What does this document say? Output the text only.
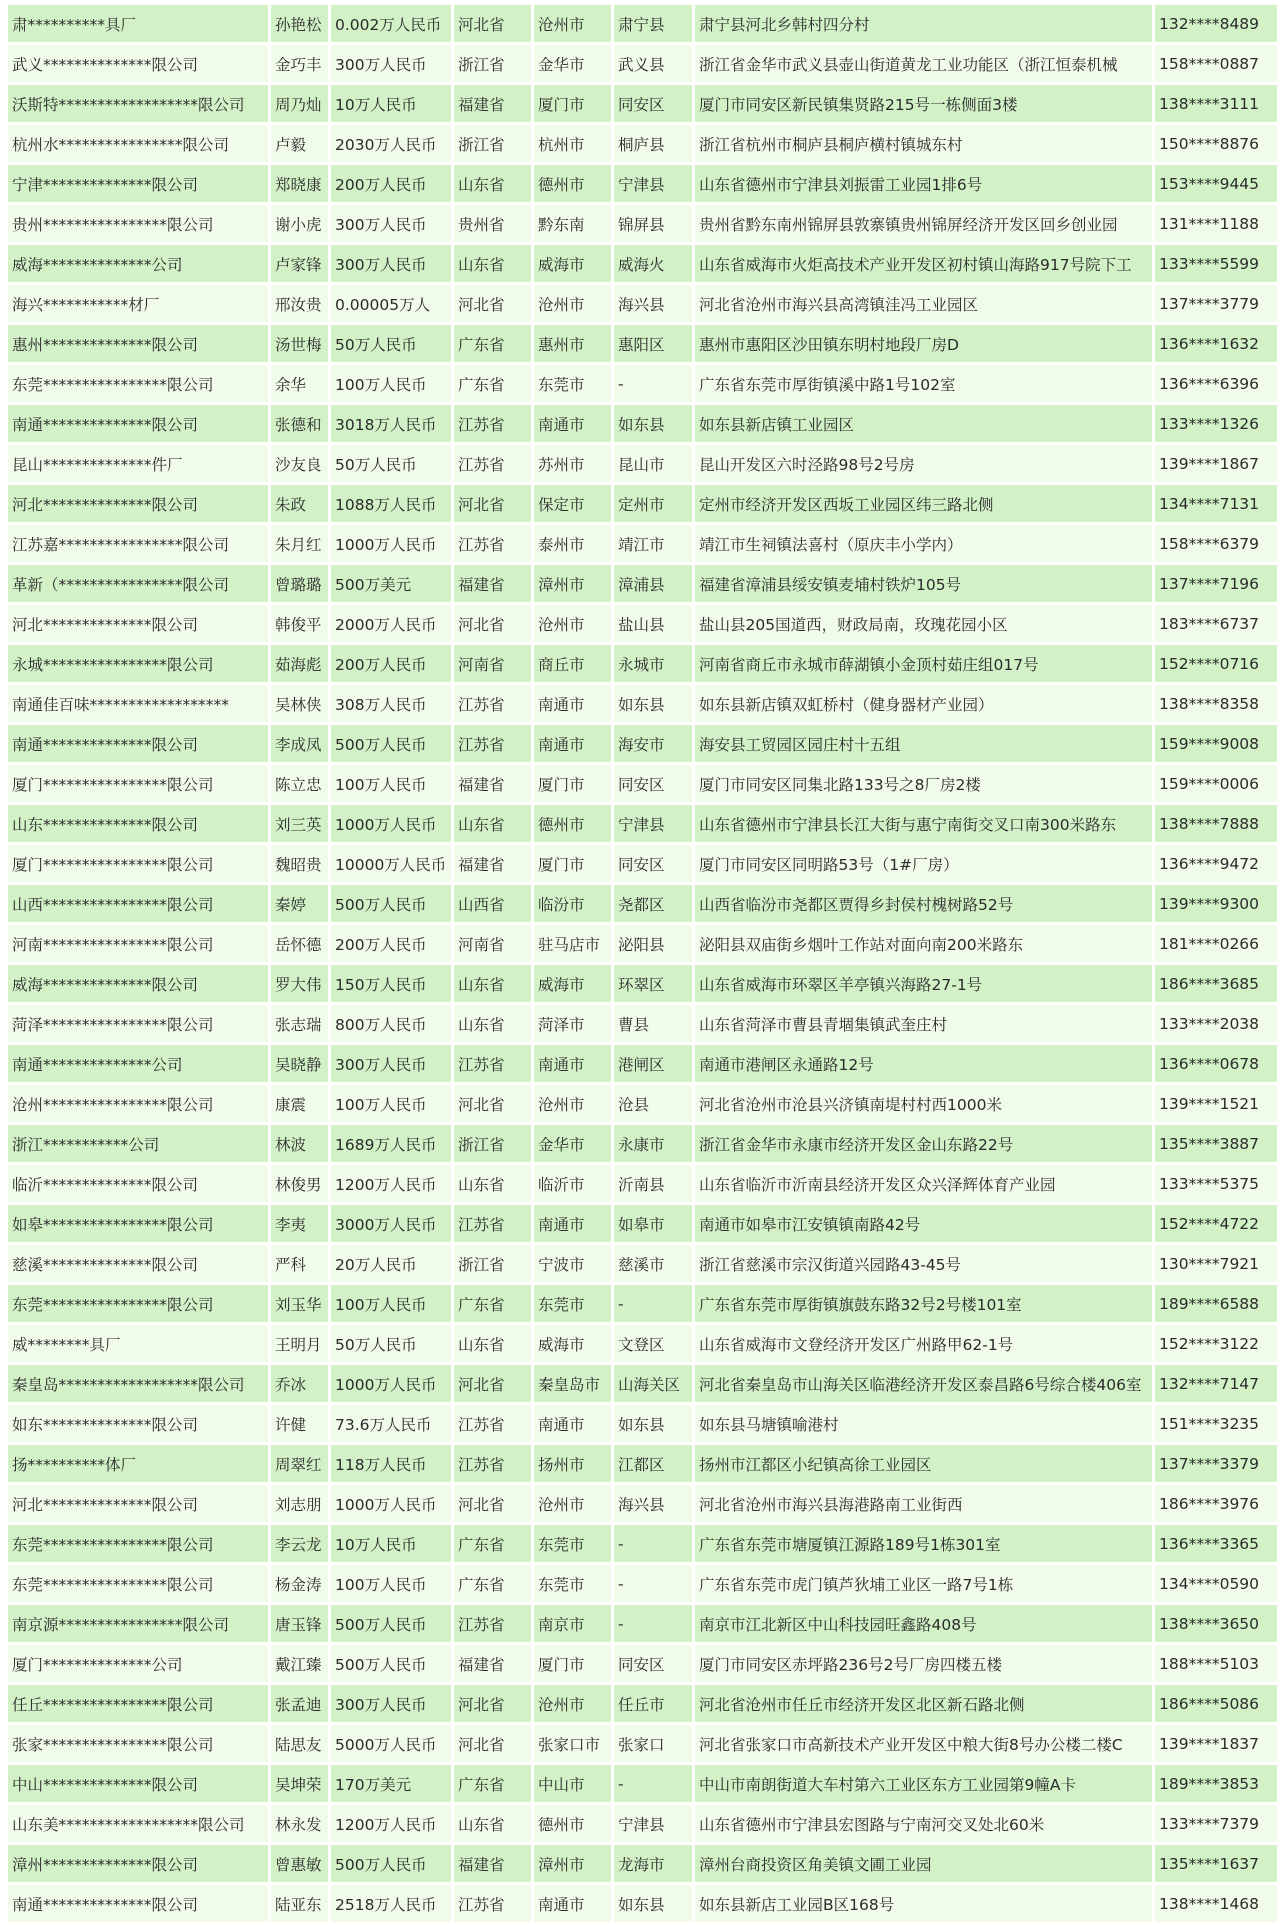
肃**********具厂	孙艳松	0.002万人民币	河北省	沧州市	肃宁县	肃宁县河北乡韩村四分村	132****8489
武义**************限公司	金巧丰	300万人民币	浙江省	金华市	武义县	浙江省金华市武义县壶山街道黄龙工业功能区（浙江恒泰机械	158****0887
沃斯特******************限公司	周乃灿	10万人民币	福建省	厦门市	同安区	厦门市同安区新民镇集贤路215号一栋侧面3楼	138****3111
杭州水****************限公司	卢毅	2030万人民币	浙江省	杭州市	桐庐县	浙江省杭州市桐庐县桐庐横村镇城东村	150****8876
宁津**************限公司	郑晓康	200万人民币	山东省	德州市	宁津县	山东省德州市宁津县刘振雷工业园1排6号	153****9445
贵州****************限公司	谢小虎	300万人民币	贵州省	黔东南	锦屏县	贵州省黔东南州锦屏县敦寨镇贵州锦屏经济开发区回乡创业园	131****1188
威海**************公司	卢家锋	300万人民币	山东省	威海市	威海火	山东省威海市火炬高技术产业开发区初村镇山海路917号院下工	133****5599
海兴***********材厂	邢汝贵	0.00005万人	河北省	沧州市	海兴县	河北省沧州市海兴县高湾镇洼冯工业园区	137****3779
惠州**************限公司	汤世梅	50万人民币	广东省	惠州市	惠阳区	惠州市惠阳区沙田镇东明村地段厂房D	136****1632
东莞****************限公司	余华	100万人民币	广东省	东莞市	-	广东省东莞市厚街镇溪中路1号102室	136****6396
南通**************限公司	张德和	3018万人民币	江苏省	南通市	如东县	如东县新店镇工业园区	133****1326
昆山**************件厂	沙友良	50万人民币	江苏省	苏州市	昆山市	昆山开发区六时泾路98号2号房	139****1867
河北**************限公司	朱政	1088万人民币	河北省	保定市	定州市	定州市经济开发区西坂工业园区纬三路北侧	134****7131
江苏嘉****************限公司	朱月红	1000万人民币	江苏省	泰州市	靖江市	靖江市生祠镇法喜村（原庆丰小学内）	158****6379
革新（****************限公司	曾璐璐	500万美元	福建省	漳州市	漳浦县	福建省漳浦县绥安镇麦埔村铁炉105号	137****7196
河北**************限公司	韩俊平	2000万人民币	河北省	沧州市	盐山县	盐山县205国道西，财政局南，玫瑰花园小区	183****6737
永城****************限公司	茹海彪	200万人民币	河南省	商丘市	永城市	河南省商丘市永城市薛湖镇小金顶村茹庄组017号	152****0716
南通佳百味******************	吴林侠	308万人民币	江苏省	南通市	如东县	如东县新店镇双虹桥村（健身器材产业园）	138****8358
南通**************限公司	李成凤	500万人民币	江苏省	南通市	海安市	海安县工贸园区园庄村十五组	159****9008
厦门****************限公司	陈立忠	100万人民币	福建省	厦门市	同安区	厦门市同安区同集北路133号之8厂房2楼	159****0006
山东**************限公司	刘三英	1000万人民币	山东省	德州市	宁津县	山东省德州市宁津县长江大街与惠宁南街交叉口南300米路东	138****7888
厦门****************限公司	魏昭贵	10000万人民币	福建省	厦门市	同安区	厦门市同安区同明路53号（1#厂房）	136****9472
山西****************限公司	秦婷	500万人民币	山西省	临汾市	尧都区	山西省临汾市尧都区贾得乡封侯村槐树路52号	139****9300
河南****************限公司	岳怀德	200万人民币	河南省	驻马店市	泌阳县	泌阳县双庙街乡烟叶工作站对面向南200米路东	181****0266
威海**************限公司	罗大伟	150万人民币	山东省	威海市	环翠区	山东省威海市环翠区羊亭镇兴海路27-1号	186****3685
菏泽****************限公司	张志瑞	800万人民币	山东省	菏泽市	曹县	山东省菏泽市曹县青堌集镇武奎庄村	133****2038
南通**************公司	吴晓静	300万人民币	江苏省	南通市	港闸区	南通市港闸区永通路12号	136****0678
沧州****************限公司	康震	100万人民币	河北省	沧州市	沧县	河北省沧州市沧县兴济镇南堤村村西1000米	139****1521
浙江***********公司	林波	1689万人民币	浙江省	金华市	永康市	浙江省金华市永康市经济开发区金山东路22号	135****3887
临沂**************限公司	林俊男	1200万人民币	山东省	临沂市	沂南县	山东省临沂市沂南县经济开发区众兴泽辉体育产业园	133****5375
如皋****************限公司	李夷	3000万人民币	江苏省	南通市	如皋市	南通市如皋市江安镇镇南路42号	152****4722
慈溪**************限公司	严科	20万人民币	浙江省	宁波市	慈溪市	浙江省慈溪市宗汉街道兴园路43-45号	130****7921
东莞****************限公司	刘玉华	100万人民币	广东省	东莞市	-	广东省东莞市厚街镇旗鼓东路32号2号楼101室	189****6588
威********具厂	王明月	50万人民币	山东省	威海市	文登区	山东省威海市文登经济开发区广州路甲62-1号	152****3122
秦皇岛******************限公司	乔冰	1000万人民币	河北省	秦皇岛市	山海关区	河北省秦皇岛市山海关区临港经济开发区泰昌路6号综合楼406室	132****7147
如东**************限公司	许健	73.6万人民币	江苏省	南通市	如东县	如东县马塘镇喻港村	151****3235
扬**********体厂	周翠红	118万人民币	江苏省	扬州市	江都区	扬州市江都区小纪镇高徐工业园区	137****3379
河北**************限公司	刘志朋	1000万人民币	河北省	沧州市	海兴县	河北省沧州市海兴县海港路南工业街西	186****3976
东莞****************限公司	李云龙	10万人民币	广东省	东莞市	-	广东省东莞市塘厦镇江源路189号1栋301室	136****3365
东莞****************限公司	杨金涛	100万人民币	广东省	东莞市	-	广东省东莞市虎门镇芦狄埔工业区一路7号1栋	134****0590
南京源****************限公司	唐玉锋	500万人民币	江苏省	南京市	-	南京市江北新区中山科技园旺鑫路408号	138****3650
厦门**************公司	戴江臻	500万人民币	福建省	厦门市	同安区	厦门市同安区赤坪路236号2号厂房四楼五楼	188****5103
任丘****************限公司	张孟迪	300万人民币	河北省	沧州市	任丘市	河北省沧州市任丘市经济开发区北区新石路北侧	186****5086
张家****************限公司	陆思友	5000万人民币	河北省	张家口市	张家口	河北省张家口市高新技术产业开发区中粮大街8号办公楼二楼C	139****1837
中山**************限公司	吴坤荣	170万美元	广东省	中山市	-	中山市南朗街道大车村第六工业区东方工业园第9幢A卡	189****3853
山东美******************限公司	林永发	1200万人民币	山东省	德州市	宁津县	山东省德州市宁津县宏图路与宁南河交叉处北60米	133****7379
漳州**************限公司	曾惠敏	500万人民币	福建省	漳州市	龙海市	漳州台商投资区角美镇文圃工业园	135****1637
南通**************限公司	陆亚东	2518万人民币	江苏省	南通市	如东县	如东县新店工业园B区168号	138****1468
